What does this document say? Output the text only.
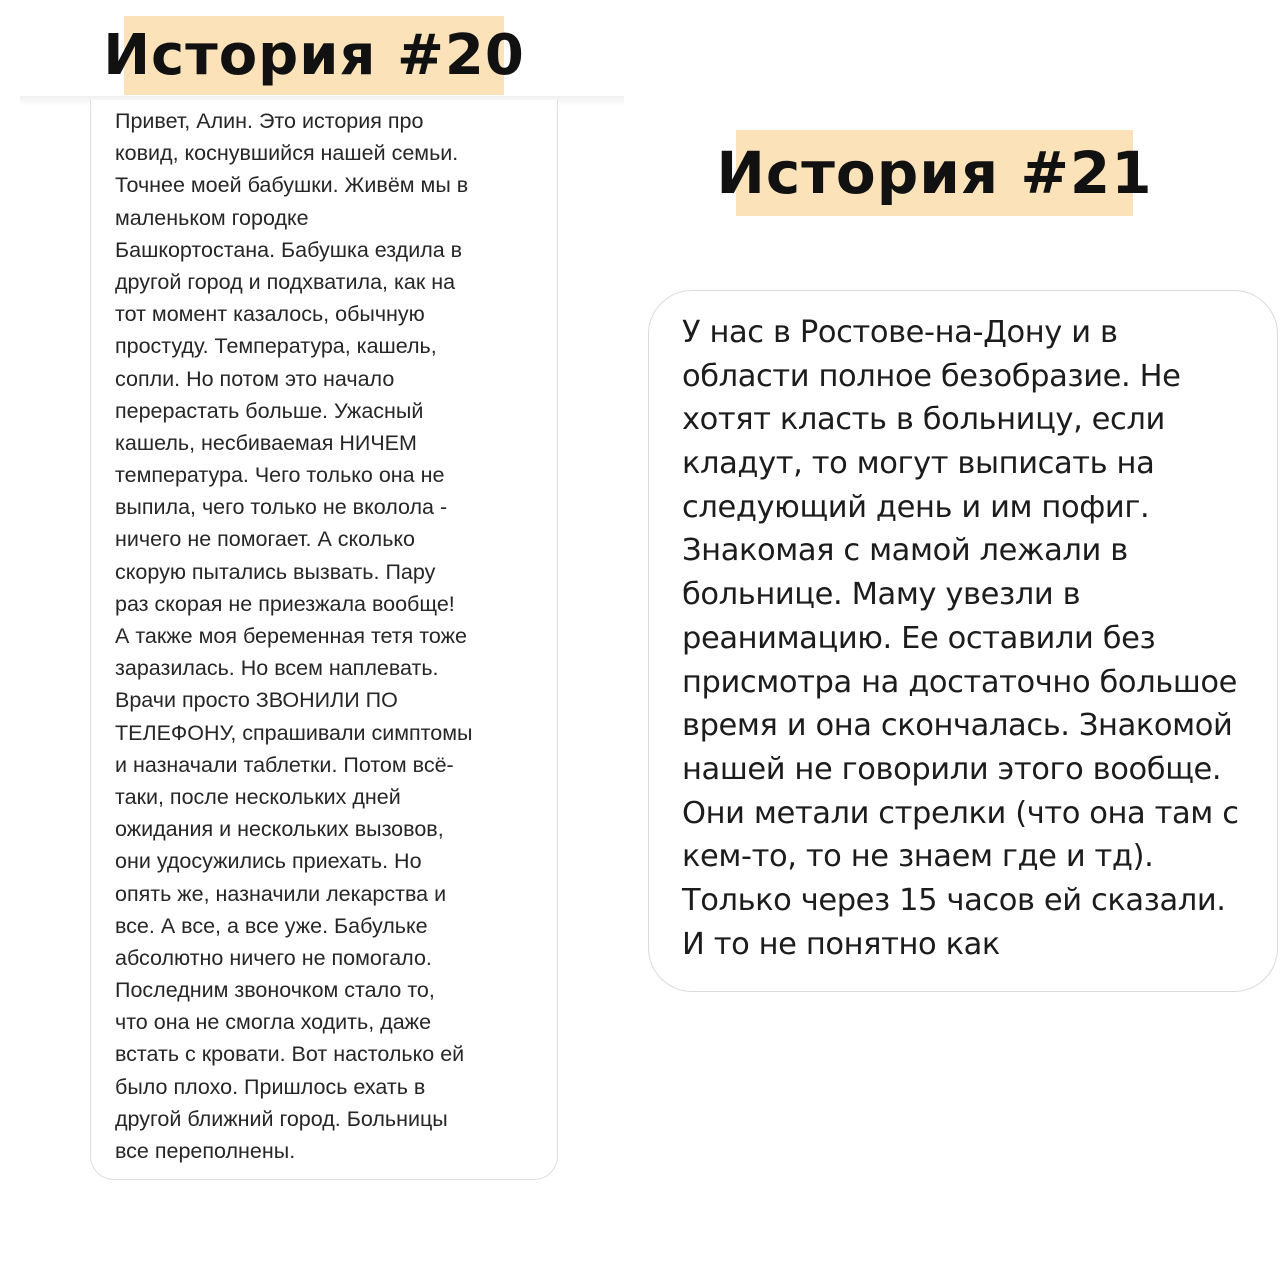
История #20
Привет, Алин. Это история про
ковид, коснувшийся нашей семьи.
Точнее моей бабушки. Живём мы в
маленьком городке
Башкортостана. Бабушка ездила в
другой город и подхватила, как на
тот момент казалось, обычную
простуду. Температура, кашель,
сопли. Но потом это начало
перерастать больше. Ужасный
кашель, несбиваемая НИЧЕМ
температура. Чего только она не
выпила, чего только не вколола -
ничего не помогает. А сколько
скорую пытались вызвать. Пару
раз скорая не приезжала вообще!
А также моя беременная тетя тоже
заразилась. Но всем наплевать.
Врачи просто ЗВОНИЛИ ПО
ТЕЛЕФОНУ, спрашивали симптомы
и назначали таблетки. Потом всё-
таки, после нескольких дней
ожидания и нескольких вызовов,
они удосужились приехать. Но
опять же, назначили лекарства и
все. А все, а все уже. Бабульке
абсолютно ничего не помогало.
Последним звоночком стало то,
что она не смогла ходить, даже
встать с кровати. Вот настолько ей
было плохо. Пришлось ехать в
другой ближний город. Больницы
все переполнены.
История #21
У нас в Ростове-на-Дону и в
области полное безобразие. Не
хотят класть в больницу, если
кладут, то могут выписать на
следующий день и им пофиг.
Знакомая с мамой лежали в
больнице. Маму увезли в
реанимацию. Ее оставили без
присмотра на достаточно большое
время и она скончалась. Знакомой
нашей не говорили этого вообще.
Они метали стрелки (что она там с
кем-то, то не знаем где и тд).
Только через 15 часов ей сказали.
И то не понятно как
